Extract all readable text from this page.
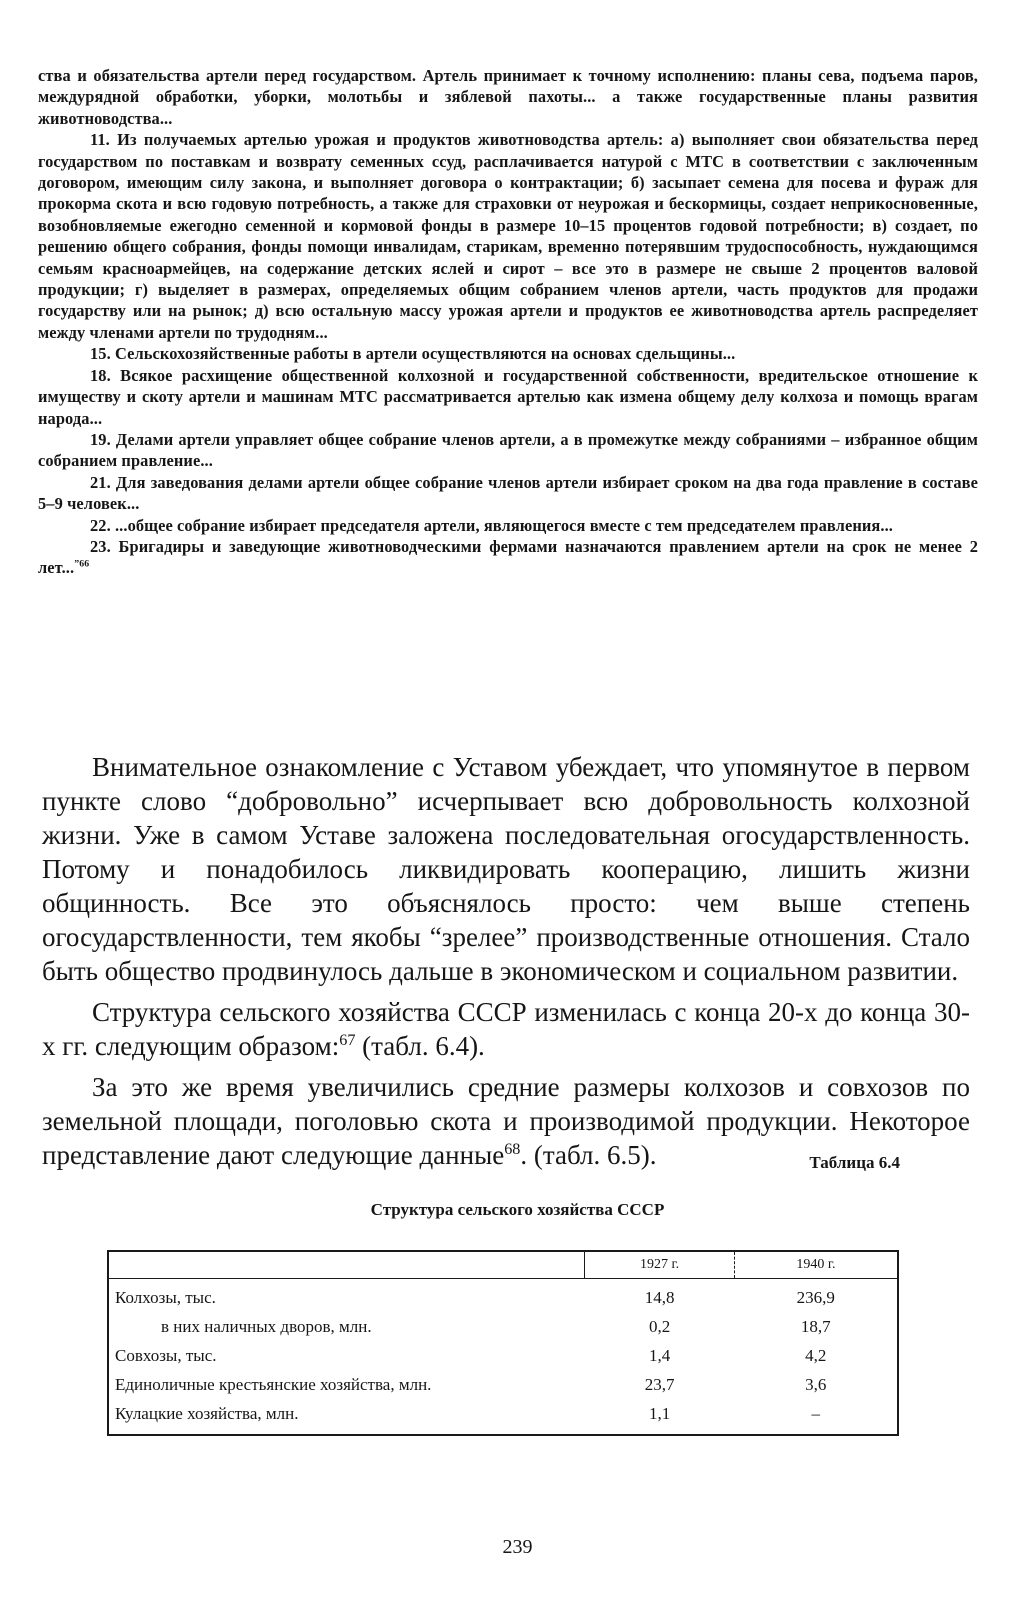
ства и обязательства артели перед государством. Артель принимает к точному исполнению: планы сева, подъема паров, междурядной обработки, уборки, молотьбы и зяблевой пахоты... а также государственные планы развития животноводства...

11. Из получаемых артелью урожая и продуктов животноводства артель: а) выполняет свои обязательства перед государством по поставкам и возврату семенных ссуд, расплачивается натурой с МТС в соответствии с заключенным договором, имеющим силу закона, и выполняет договора о контрактации; б) засыпает семена для посева и фураж для прокорма скота и всю годовую потребность, а также для страховки от неурожая и бескормицы, создает неприкосновенные, возобновляемые ежегодно семенной и кормовой фонды в размере 10–15 процентов годовой потребности; в) создает, по решению общего собрания, фонды помощи инвалидам, старикам, временно потерявшим трудоспособность, нуждающимся семьям красноармейцев, на содержание детских яслей и сирот – все это в размере не свыше 2 процентов валовой продукции; г) выделяет в размерах, определяемых общим собранием членов артели, часть продуктов для продажи государству или на рынок; д) всю остальную массу урожая артели и продуктов ее животноводства артель распределяет между членами артели по трудодням...

15. Сельскохозяйственные работы в артели осуществляются на основах сдельщины...

18. Всякое расхищение общественной колхозной и государственной собственности, вредительское отношение к имуществу и скоту артели и машинам МТС рассматривается артелью как измена общему делу колхоза и помощь врагам народа...

19. Делами артели управляет общее собрание членов артели, а в промежутке между собраниями – избранное общим собранием правление...

21. Для заведования делами артели общее собрание членов артели избирает сроком на два года правление в составе 5–9 человек...

22. ...общее собрание избирает председателя артели, являющегося вместе с тем председателем правления...

23. Бригадиры и заведующие животноводческими фермами назначаются правлением артели на срок не менее 2 лет...$^{”66}$

Внимательное ознакомление с Уставом убеждает, что упомянутое в первом пункте слово “добровольно” исчерпывает всю добровольность колхозной жизни. Уже в самом Уставе заложена последовательная огосударствленность. Потому и понадобилось ликвидировать кооперацию, лишить жизни общинность. Все это объяснялось просто: чем выше степень огосударствленности, тем якобы “зрелее” производственные отношения. Стало быть общество продвинулось дальше в экономическом и социальном развитии.

Структура сельского хозяйства СССР изменилась с конца 20-х до конца 30-х гг. следующим образом:$^{67}$ (табл. 6.4).

За это же время увеличились средние размеры колхозов и совхозов по земельной площади, поголовью скота и производимой продукции. Некоторое представление дают следующие данные$^{68}$. (табл. 6.5).	Таблица 6.4
Структура сельского хозяйства СССР
	1927 г.	1940 г.
Колхозы, тыс.	14,8	236,9
в них наличных дворов, млн.	0,2	18,7
Совхозы, тыс.	1,4	4,2
Единоличные крестьянские хозяйства, млн.	23,7	3,6
Кулацкие хозяйства, млн.	1,1	–
239
